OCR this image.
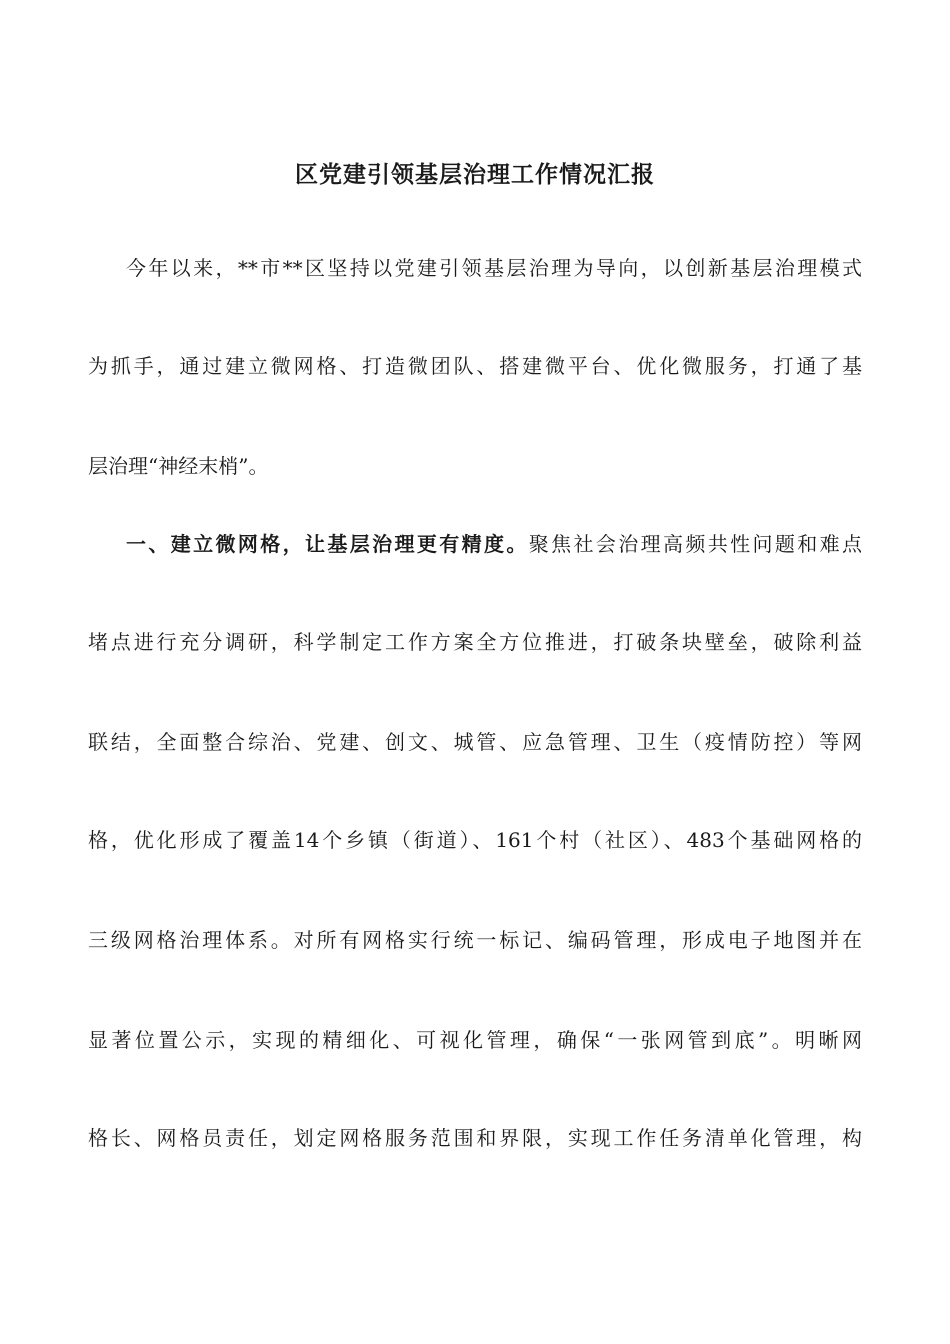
区党建引领基层治理工作情况汇报

今年以来，**市**区坚持以党建引领基层治理为导向，以创新基层治理模式

为抓手，通过建立微网格、打造微团队、搭建微平台、优化微服务，打通了基

层治理“神经末梢”。

一、建立微网格，让基层治理更有精度。聚焦社会治理高频共性问题和难点

堵点进行充分调研，科学制定工作方案全方位推进，打破条块壁垒，破除利益

联结，全面整合综治、党建、创文、城管、应急管理、卫生（疫情防控）等网

格，优化形成了覆盖14个乡镇（街道）、161个村（社区）、483个基础网格的

三级网格治理体系。对所有网格实行统一标记、编码管理，形成电子地图并在

显著位置公示，实现的精细化、可视化管理，确保“一张网管到底”。明晰网

格长、网格员责任，划定网格服务范围和界限，实现工作任务清单化管理，构
